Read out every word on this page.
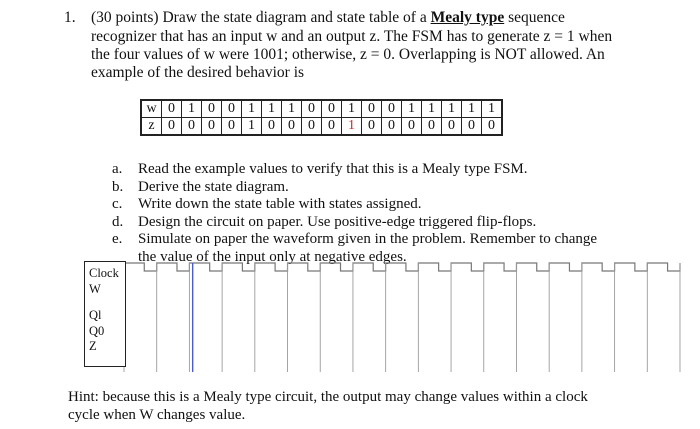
1. (30 points) Draw the state diagram and state table of a Mealy type sequence
recognizer that has an input w and an output z. The FSM has to generate z = 1 when
the four values of w were 1001; otherwise, z = 0. Overlapping is NOT allowed. An
example of the desired behavior is
w	0	1	0	0	1	1	1	0	0	1	0	0	1	1	1	1	1
z	0	0	0	0	1	0	0	0	0	1	0	0	0	0	0	0	0
a.	Read the example values to verify that this is a Mealy type FSM.
b. Derive the state diagram.
c.	Write down the state table with states assigned.
d. Design the circuit on paper. Use positive-edge triggered flip-flops.
e.	Simulate on paper the waveform given in the problem. Remember to change
the value of the input only at negative edges.
Clock
W
Ql
Q0
Z
Hint: because this is a Mealy type circuit, the output may change values within a clock
cycle when W changes value.
